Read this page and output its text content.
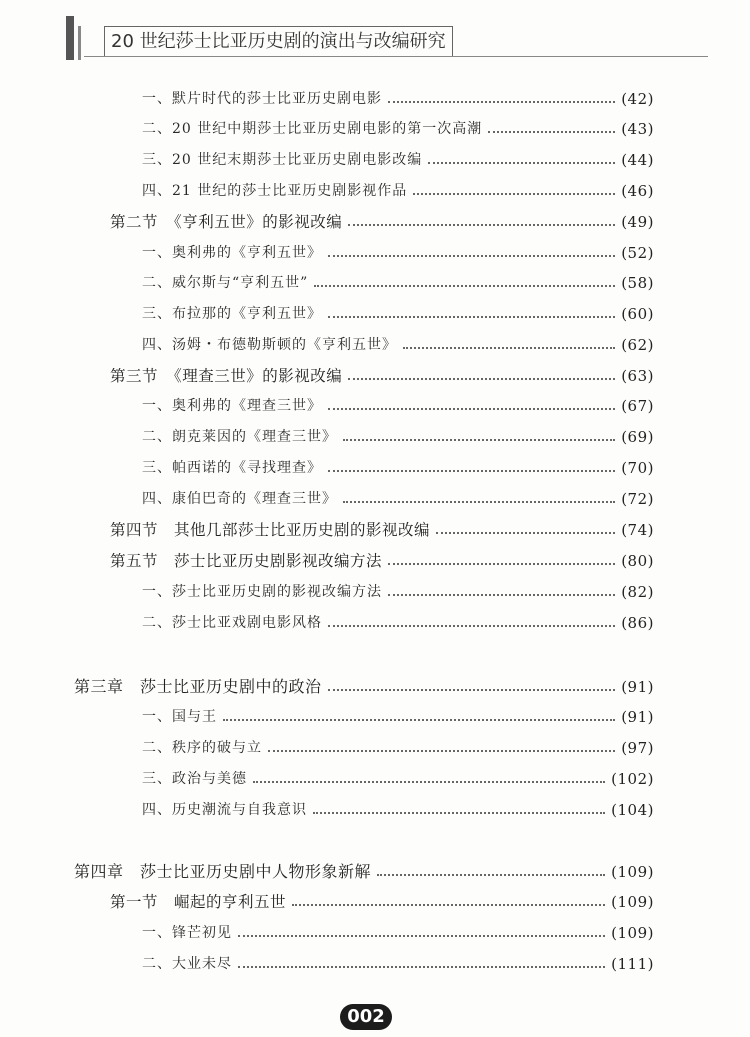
20 世纪莎士比亚历史剧的演出与改编研究
一、默片时代的莎士比亚历史剧电影	(42)
二、20 世纪中期莎士比亚历史剧电影的第一次高潮	(43)
三、20 世纪末期莎士比亚历史剧电影改编	(44)
四、21 世纪的莎士比亚历史剧影视作品	(46)
第二节　《亨利五世》的影视改编	(49)
一、奥利弗的《亨利五世》	(52)
二、威尔斯与“亨利五世”	(58)
三、布拉那的《亨利五世》	(60)
四、汤姆・布德勒斯顿的《亨利五世》	(62)
第三节　《理查三世》的影视改编	(63)
一、奥利弗的《理查三世》	(67)
二、朗克莱因的《理查三世》	(69)
三、帕西诺的《寻找理查》	(70)
四、康伯巴奇的《理查三世》	(72)
第四节　其他几部莎士比亚历史剧的影视改编	(74)
第五节　莎士比亚历史剧影视改编方法	(80)
一、莎士比亚历史剧的影视改编方法	(82)
二、莎士比亚戏剧电影风格	(86)
第三章　莎士比亚历史剧中的政治	(91)
一、国与王	(91)
二、秩序的破与立	(97)
三、政治与美德	(102)
四、历史潮流与自我意识	(104)
第四章　莎士比亚历史剧中人物形象新解	(109)
第一节　崛起的亨利五世	(109)
一、锋芒初见	(109)
二、大业未尽	(111)
002
